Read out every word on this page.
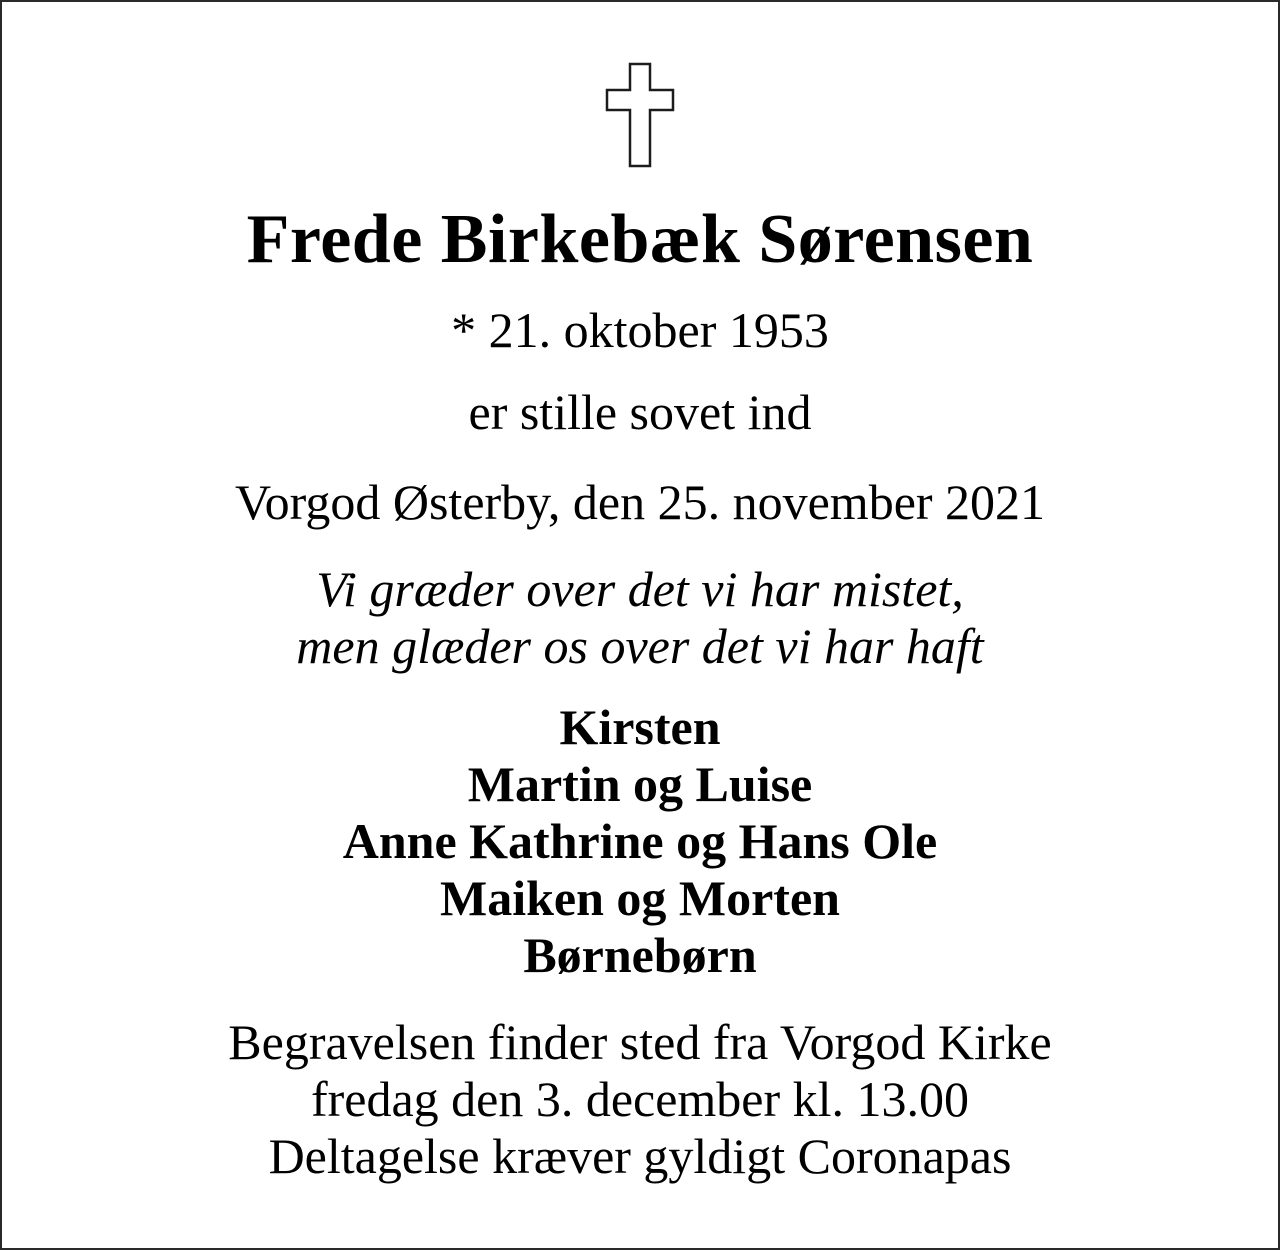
Frede Birkebæk Sørensen

* 21. oktober 1953

er stille sovet ind

Vorgod Østerby, den 25. november 2021

Vi græder over det vi har mistet,
men glæder os over det vi har haft

Kirsten
Martin og Luise
Anne Kathrine og Hans Ole
Maiken og Morten
Børnebørn

Begravelsen finder sted fra Vorgod Kirke
fredag den 3. december kl. 13.00
Deltagelse kræver gyldigt Coronapas
